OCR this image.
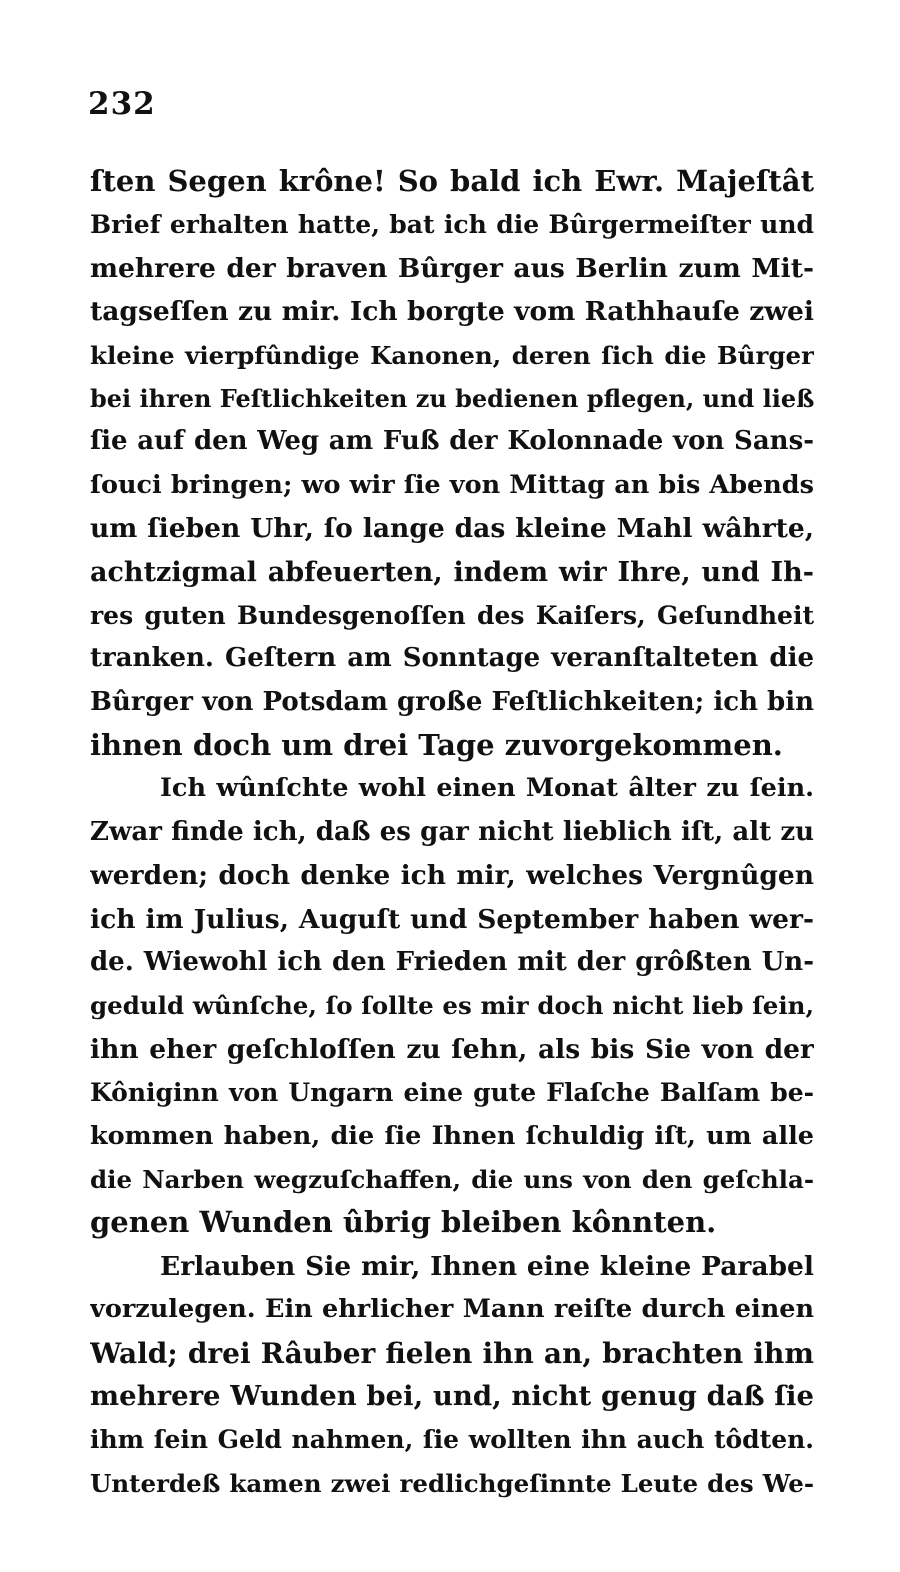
232
ſten Segen krône! So bald ich Ewr. Majeſtât
Brief erhalten hatte, bat ich die Bûrgermeiſter und
mehrere der braven Bûrger aus Berlin zum Mit-
tagseſſen zu mir. Ich borgte vom Rathhauſe zwei
kleine vierpfûndige Kanonen, deren ſich die Bûrger
bei ihren Feſtlichkeiten zu bedienen pflegen, und ließ
ſie auf den Weg am Fuß der Kolonnade von Sans-
ſouci bringen; wo wir ſie von Mittag an bis Abends
um ſieben Uhr, ſo lange das kleine Mahl wâhrte,
achtzigmal abfeuerten, indem wir Ihre, und Ih-
res guten Bundesgenoſſen des Kaiſers, Geſundheit
tranken. Geſtern am Sonntage veranſtalteten die
Bûrger von Potsdam große Feſtlichkeiten; ich bin
ihnen doch um drei Tage zuvorgekommen.
Ich wûnſchte wohl einen Monat âlter zu ſein.
Zwar finde ich, daß es gar nicht lieblich iſt, alt zu
werden; doch denke ich mir, welches Vergnûgen
ich im Julius, Auguſt und September haben wer-
de. Wiewohl ich den Frieden mit der grôßten Un-
geduld wûnſche, ſo ſollte es mir doch nicht lieb ſein,
ihn eher geſchloſſen zu ſehn, als bis Sie von der
Kôniginn von Ungarn eine gute Flaſche Balſam be-
kommen haben, die ſie Ihnen ſchuldig iſt, um alle
die Narben wegzuſchaffen, die uns von den geſchla-
genen Wunden ûbrig bleiben kônnten.
Erlauben Sie mir, Ihnen eine kleine Parabel
vorzulegen. Ein ehrlicher Mann reiſte durch einen
Wald; drei Râuber fielen ihn an, brachten ihm
mehrere Wunden bei, und, nicht genug daß ſie
ihm ſein Geld nahmen, ſie wollten ihn auch tôdten.
Unterdeß kamen zwei redlichgeſinnte Leute des We-
